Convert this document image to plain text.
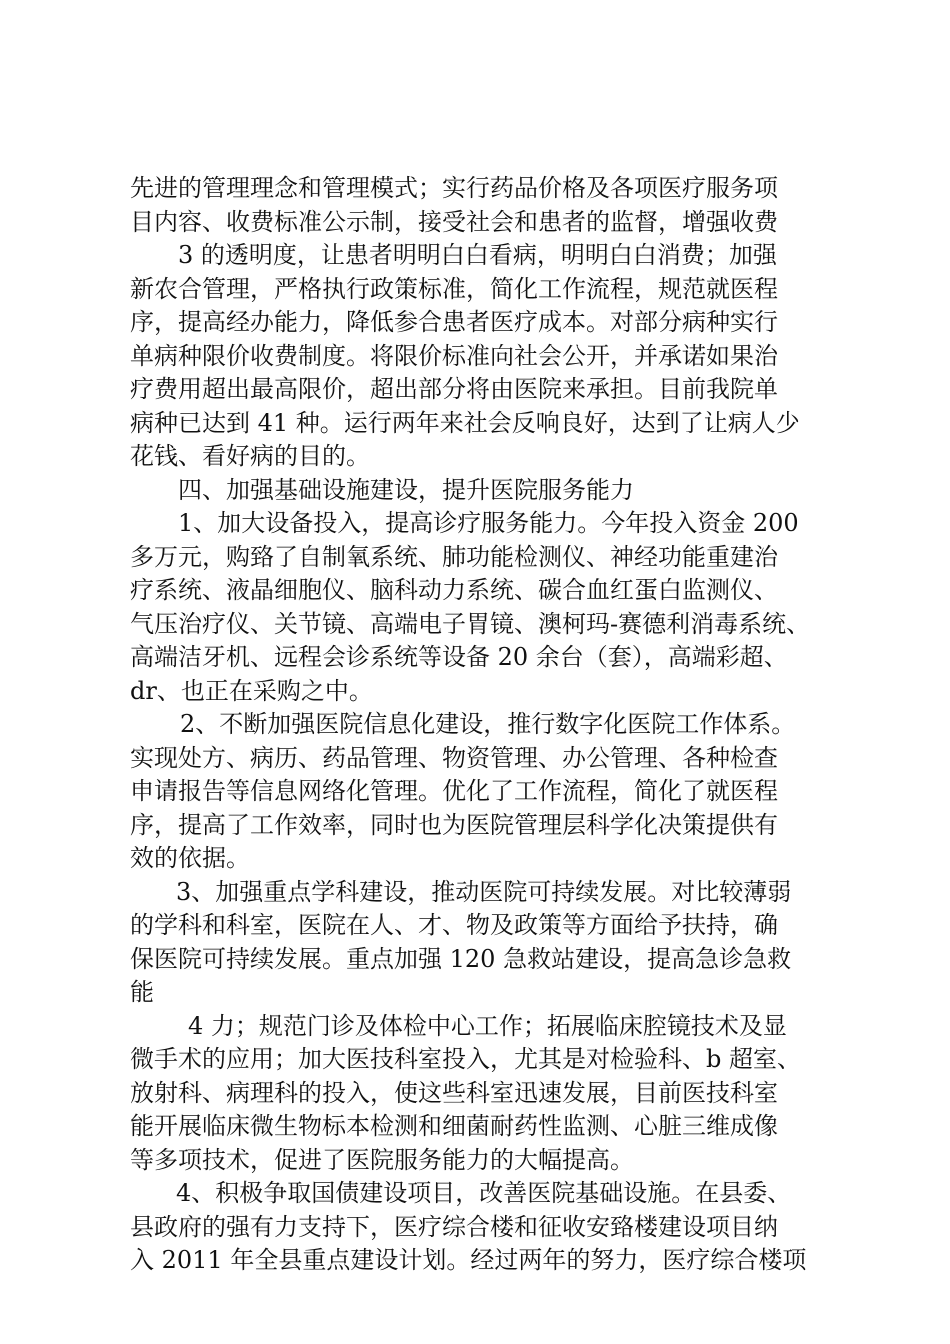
先进的管理理念和管理模式；实行药品价格及各项医疗服务项
目内容、收费标准公示制，接受社会和患者的监督，增强收费
3 的透明度，让患者明明白白看病，明明白白消费；加强
新农合管理，严格执行政策标准，简化工作流程，规范就医程
序，提高经办能力，降低参合患者医疗成本。对部分病种实行
单病种限价收费制度。将限价标准向社会公开，并承诺如果治
疗费用超出最高限价，超出部分将由医院来承担。目前我院单
病种已达到 41 种。运行两年来社会反响良好，达到了让病人少
花钱、看好病的目的。
四、加强基础设施建设，提升医院服务能力
1、加大设备投入，提高诊疗服务能力。今年投入资金 200
多万元，购臵了自制氧系统、肺功能检测仪、神经功能重建治
疗系统、液晶细胞仪、脑科动力系统、碳合血红蛋白监测仪、
气压治疗仪、关节镜、高端电子胃镜、澳柯玛-赛德利消毒系统、
高端洁牙机、远程会诊系统等设备 20 余台（套），高端彩超、
dr、也正在采购之中。
2、不断加强医院信息化建设，推行数字化医院工作体系。
实现处方、病历、药品管理、物资管理、办公管理、各种检查
申请报告等信息网络化管理。优化了工作流程，简化了就医程
序，提高了工作效率，同时也为医院管理层科学化决策提供有
效的依据。
3、加强重点学科建设，推动医院可持续发展。对比较薄弱
的学科和科室，医院在人、才、物及政策等方面给予扶持，确
保医院可持续发展。重点加强 120 急救站建设，提高急诊急救
能
4 力；规范门诊及体检中心工作；拓展临床腔镜技术及显
微手术的应用；加大医技科室投入，尤其是对检验科、b 超室、
放射科、病理科的投入，使这些科室迅速发展，目前医技科室
能开展临床微生物标本检测和细菌耐药性监测、心脏三维成像
等多项技术，促进了医院服务能力的大幅提高。
4、积极争取国债建设项目，改善医院基础设施。在县委、
县政府的强有力支持下，医疗综合楼和征收安臵楼建设项目纳
入 2011 年全县重点建设计划。经过两年的努力，医疗综合楼项
